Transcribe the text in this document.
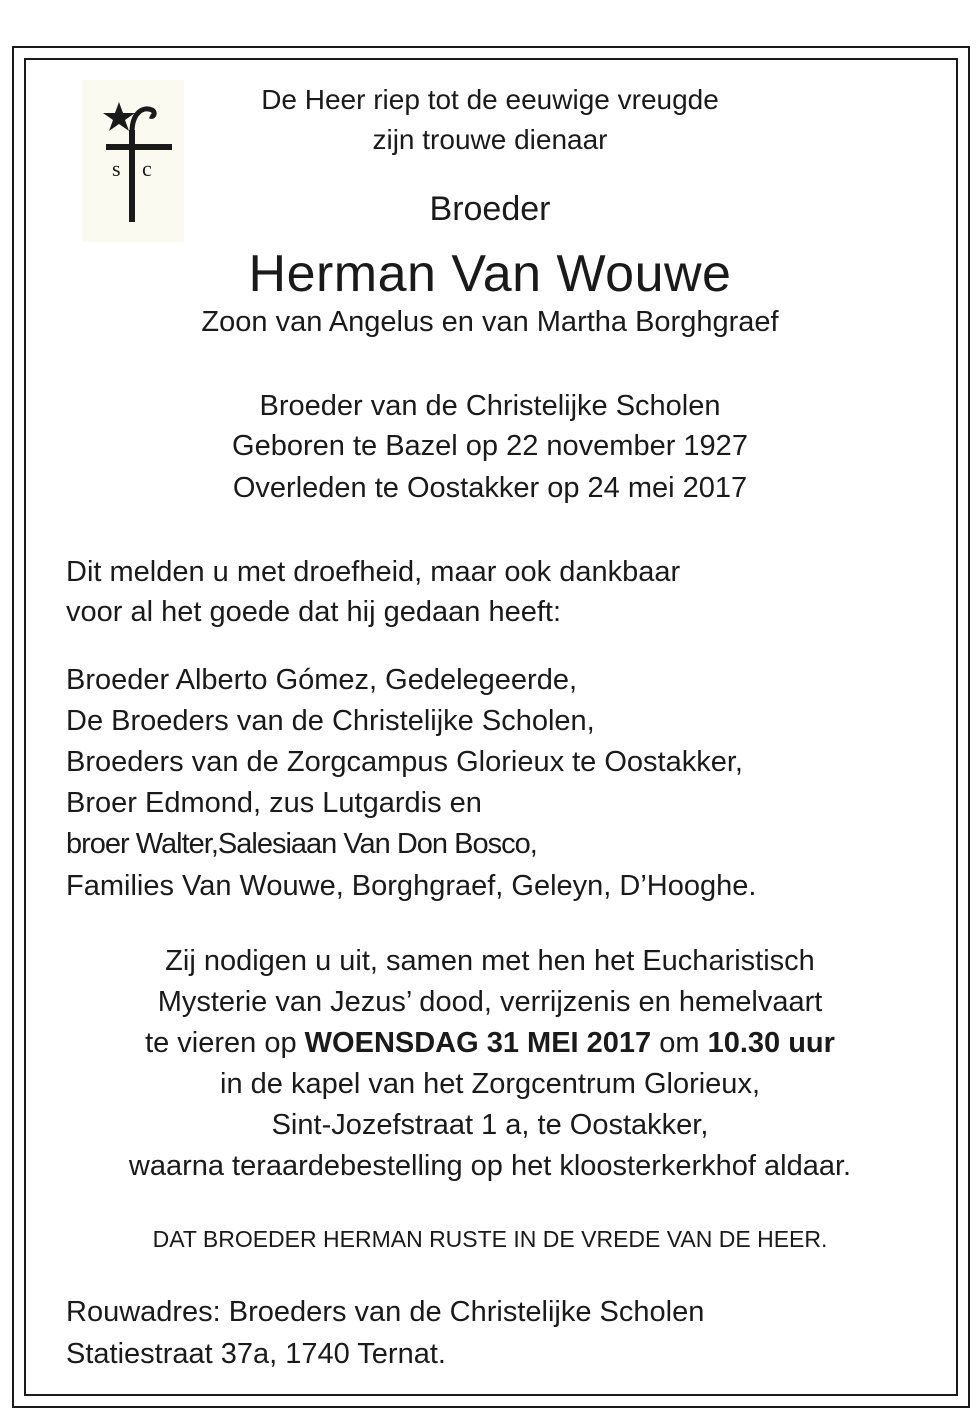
s c
De Heer riep tot de eeuwige vreugde
zijn trouwe dienaar
Broeder
Herman Van Wouwe
Zoon van Angelus en van Martha Borghgraef
Broeder van de Christelijke Scholen
Geboren te Bazel op 22 november 1927
Overleden te Oostakker op 24 mei 2017
Dit melden u met droefheid, maar ook dankbaar
voor al het goede dat hij gedaan heeft:
Broeder Alberto Gómez, Gedelegeerde,
De Broeders van de Christelijke Scholen,
Broeders van de Zorgcampus Glorieux te Oostakker,
Broer Edmond, zus Lutgardis en
broer Walter,Salesiaan Van Don Bosco,
Families Van Wouwe, Borghgraef, Geleyn, D’Hooghe.
Zij nodigen u uit, samen met hen het Eucharistisch
Mysterie van Jezus’ dood, verrijzenis en hemelvaart
te vieren op WOENSDAG 31 MEI 2017 om 10.30 uur
in de kapel van het Zorgcentrum Glorieux,
Sint-Jozefstraat 1 a, te Oostakker,
waarna teraardebestelling op het kloosterkerkhof aldaar.
DAT BROEDER HERMAN RUSTE IN DE VREDE VAN DE HEER.
Rouwadres: Broeders van de Christelijke Scholen
Statiestraat 37a, 1740 Ternat.
